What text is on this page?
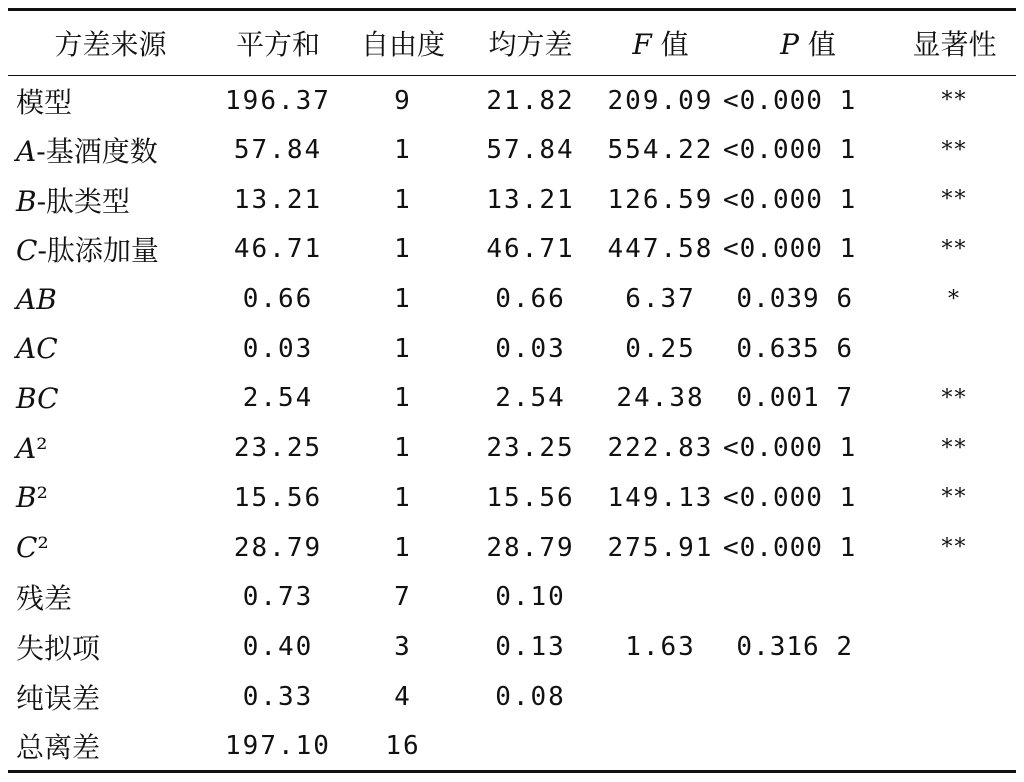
方差来源	平方和	自由度	均方差	F 值	P 值	显著性
模型	196.37	9	21.82	209.09	<0.000 1	**
A-基酒度数	57.84	1	57.84	554.22	<0.000 1	**
B-肽类型	13.21	1	13.21	126.59	<0.000 1	**
C-肽添加量	46.71	1	46.71	447.58	<0.000 1	**
AB	0.66	1	0.66	6.37	0.039 6	*
AC	0.03	1	0.03	0.25	0.635 6	
BC	2.54	1	2.54	24.38	0.001 7	**
A²	23.25	1	23.25	222.83	<0.000 1	**
B²	15.56	1	15.56	149.13	<0.000 1	**
C²	28.79	1	28.79	275.91	<0.000 1	**
残差	0.73	7	0.10			
失拟项	0.40	3	0.13	1.63	0.316 2	
纯误差	0.33	4	0.08			
总离差	197.10	16				
